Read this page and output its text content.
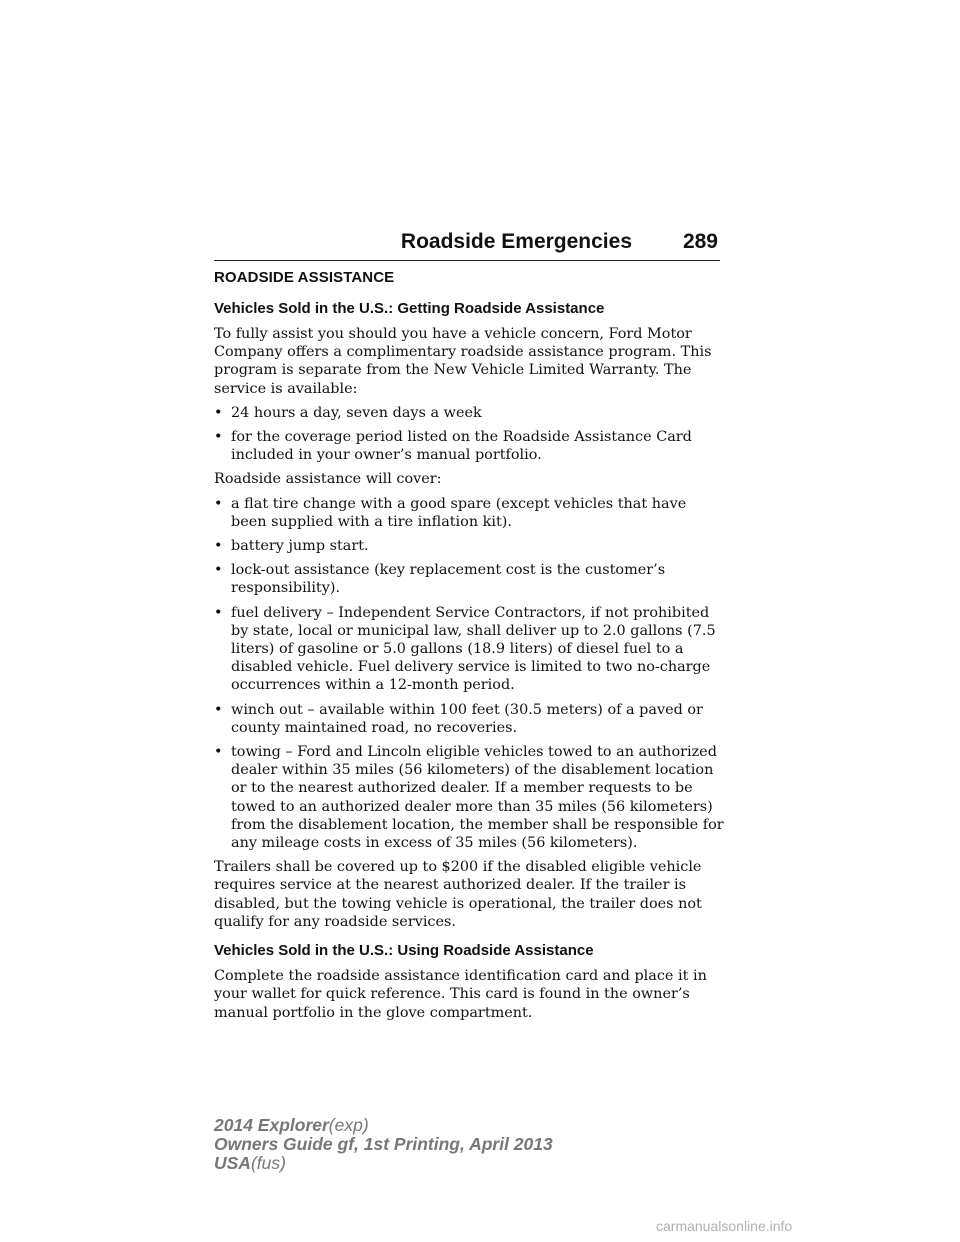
Roadside Emergencies 289
ROADSIDE ASSISTANCE
Vehicles Sold in the U.S.: Getting Roadside Assistance

To fully assist you should you have a vehicle concern, Ford Motor Company offers a complimentary roadside assistance program. This program is separate from the New Vehicle Limited Warranty. The service is available:

• 24 hours a day, seven days a week
• for the coverage period listed on the Roadside Assistance Card included in your owner’s manual portfolio.

Roadside assistance will cover:

• a flat tire change with a good spare (except vehicles that have been supplied with a tire inflation kit).
• battery jump start.
• lock-out assistance (key replacement cost is the customer’s responsibility).
• fuel delivery – Independent Service Contractors, if not prohibited by state, local or municipal law, shall deliver up to 2.0 gallons (7.5 liters) of gasoline or 5.0 gallons (18.9 liters) of diesel fuel to a disabled vehicle. Fuel delivery service is limited to two no-charge occurrences within a 12-month period.
• winch out – available within 100 feet (30.5 meters) of a paved or county maintained road, no recoveries.
• towing – Ford and Lincoln eligible vehicles towed to an authorized dealer within 35 miles (56 kilometers) of the disablement location or to the nearest authorized dealer. If a member requests to be towed to an authorized dealer more than 35 miles (56 kilometers) from the disablement location, the member shall be responsible for any mileage costs in excess of 35 miles (56 kilometers).

Trailers shall be covered up to $200 if the disabled eligible vehicle requires service at the nearest authorized dealer. If the trailer is disabled, but the towing vehicle is operational, the trailer does not qualify for any roadside services.

Vehicles Sold in the U.S.: Using Roadside Assistance

Complete the roadside assistance identification card and place it in your wallet for quick reference. This card is found in the owner’s manual portfolio in the glove compartment.

2014 Explorer(exp)
Owners Guide gf, 1st Printing, April 2013
USA(fus)
carmanualsonline.info
